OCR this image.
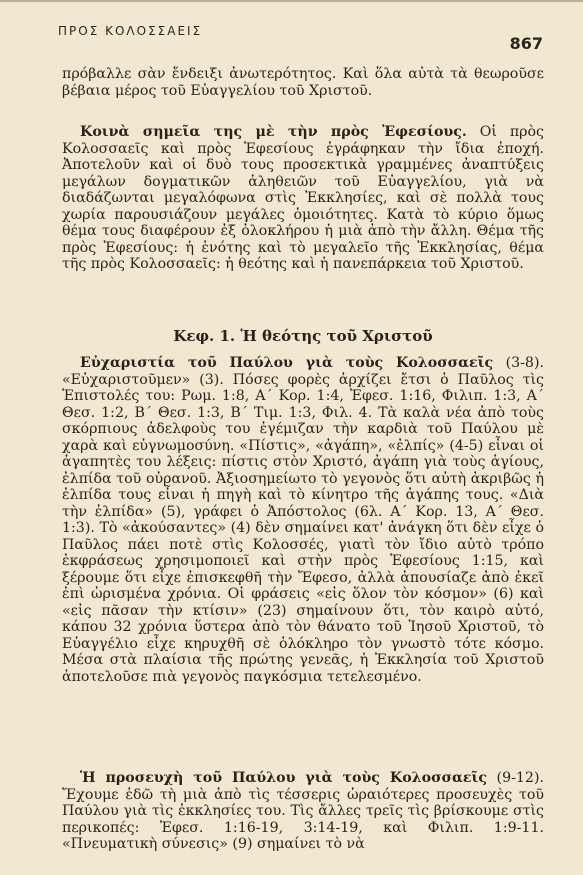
ΠΡΟΣ ΚΟΛΟΣΣΑΕΙΣ
867

πρόβαλλε σὰν ἔνδειξι ἀνωτερότητος. Καὶ ὅλα αὐτὰ τὰ θεωροῦσε βέβαια μέρος τοῦ Εὐαγγελίου τοῦ Χριστοῦ.

Κοινὰ σημεῖα της μὲ τὴν πρὸς Ἐφεσίους. Οἱ πρὸς Κολοσσαεῖς καὶ πρὸς Ἐφεσίους ἐγράφηκαν τὴν ἴδια ἐποχή. Ἀποτελοῦν καὶ οἱ δυὸ τους προσεκτικὰ γραμμένες ἀναπτύξεις μεγάλων δογματικῶν ἀληθειῶν τοῦ Εὐαγγελίου, γιὰ νὰ διαδάζωνται μεγαλόφωνα στὶς Ἐκκλησίες, καὶ σὲ πολλὰ τους χωρία παρουσιάζουν μεγάλες ὁμοιότητες. Κατὰ τὸ κύριο ὅμως θέμα τους διαφέρουν ἐξ ὁλοκλήρου ἡ μιὰ ἀπὸ τὴν ἄλλη. Θέμα τῆς πρὸς Ἐφεσίους: ἡ ἑνότης καὶ τὸ μεγαλεῖο τῆς Ἐκκλησίας, θέμα τῆς πρὸς Κολοσσαεῖς: ἡ θεότης καὶ ἡ πανεπάρκεια τοῦ Χριστοῦ.

Κεφ. 1. Ἡ θεότης τοῦ Χριστοῦ

Εὐχαριστία τοῦ Παύλου γιὰ τοὺς Κολοσσαεῖς (3-8). «Εὐχαριστοῦμεν» (3). Πόσες φορὲς ἀρχίζει ἔτσι ὁ Παῦλος τὶς Ἐπιστολές του: Ρωμ. 1:8, Α΄ Κορ. 1:4, Ἐφεσ. 1:16, Φιλιπ. 1:3, Α΄ Θεσ. 1:2, Β΄ Θεσ. 1:3, Β΄ Τιμ. 1:3, Φιλ. 4. Τὰ καλὰ νέα ἀπὸ τοὺς σκόρπιους ἀδελφοὺς του ἐγέμιζαν τὴν καρδιὰ τοῦ Παύλου μὲ χαρὰ καὶ εὐγνωμοσύνη. «Πίστις», «ἀγάπη», «ἐλπίς» (4-5) εἶναι οἱ ἀγαπητὲς του λέξεις: πίστις στὸν Χριστό, ἀγάπη γιὰ τοὺς ἁγίους, ἐλπίδα τοῦ οὐρανοῦ. Ἀξιοσημείωτο τὸ γεγονὸς ὅτι αὐτὴ ἀκριβῶς ἡ ἐλπίδα τους εἶναι ἡ πηγὴ καὶ τὸ κίνητρο τῆς ἀγάπης τους. «Διὰ τὴν ἐλπίδα» (5), γράφει ὁ Ἀπόστολος (6λ. Α΄ Κορ. 13, Α΄ Θεσ. 1:3). Τὸ «ἀκούσαντες» (4) δὲν σημαίνει κατ' ἀνάγκη ὅτι δὲν εἶχε ὁ Παῦλος πάει ποτὲ στὶς Κολοσσές, γιατὶ τὸν ἴδιο αὐτὸ τρόπο ἐκφράσεως χρησιμοποιεῖ καὶ στὴν πρὸς Ἐφεσίους 1:15, καὶ ξέρουμε ὅτι εἶχε ἐπισκεφθῆ τὴν Ἔφεσο, ἀλλὰ ἀπουσίαζε ἀπὸ ἐκεῖ ἐπὶ ὡρισμένα χρόνια. Οἱ φράσεις «εἰς ὅλον τὸν κόσμον» (6) καὶ «εἰς πᾶσαν τὴν κτίσιν» (23) σημαίνουν ὅτι, τὸν καιρὸ αὐτό, κάπου 32 χρόνια ὕστερα ἀπὸ τὸν θάνατο τοῦ Ἰησοῦ Χριστοῦ, τὸ Εὐαγγέλιο εἶχε κηρυχθῆ σὲ ὁλόκληρο τὸν γνωστὸ τότε κόσμο. Μέσα στὰ πλαίσια τῆς πρώτης γενεᾶς, ἡ Ἐκκλησία τοῦ Χριστοῦ ἀποτελοῦσε πιὰ γεγονὸς παγκόσμια τετελεσμένο.

Ἡ προσευχὴ τοῦ Παύλου γιὰ τοὺς Κολοσσαεῖς (9-12). Ἔχουμε ἐδῶ τὴ μιὰ ἀπὸ τὶς τέσσερις ὡραιότερες προσευχὲς τοῦ Παύλου γιὰ τὶς ἐκκλησίες του. Τὶς ἄλλες τρεῖς τὶς βρίσκουμε στὶς περικοπές: Ἐφεσ. 1:16-19, 3:14-19, καὶ Φιλιπ. 1:9-11. «Πνευματικὴ σύνεσις» (9) σημαίνει τὸ νὰ
